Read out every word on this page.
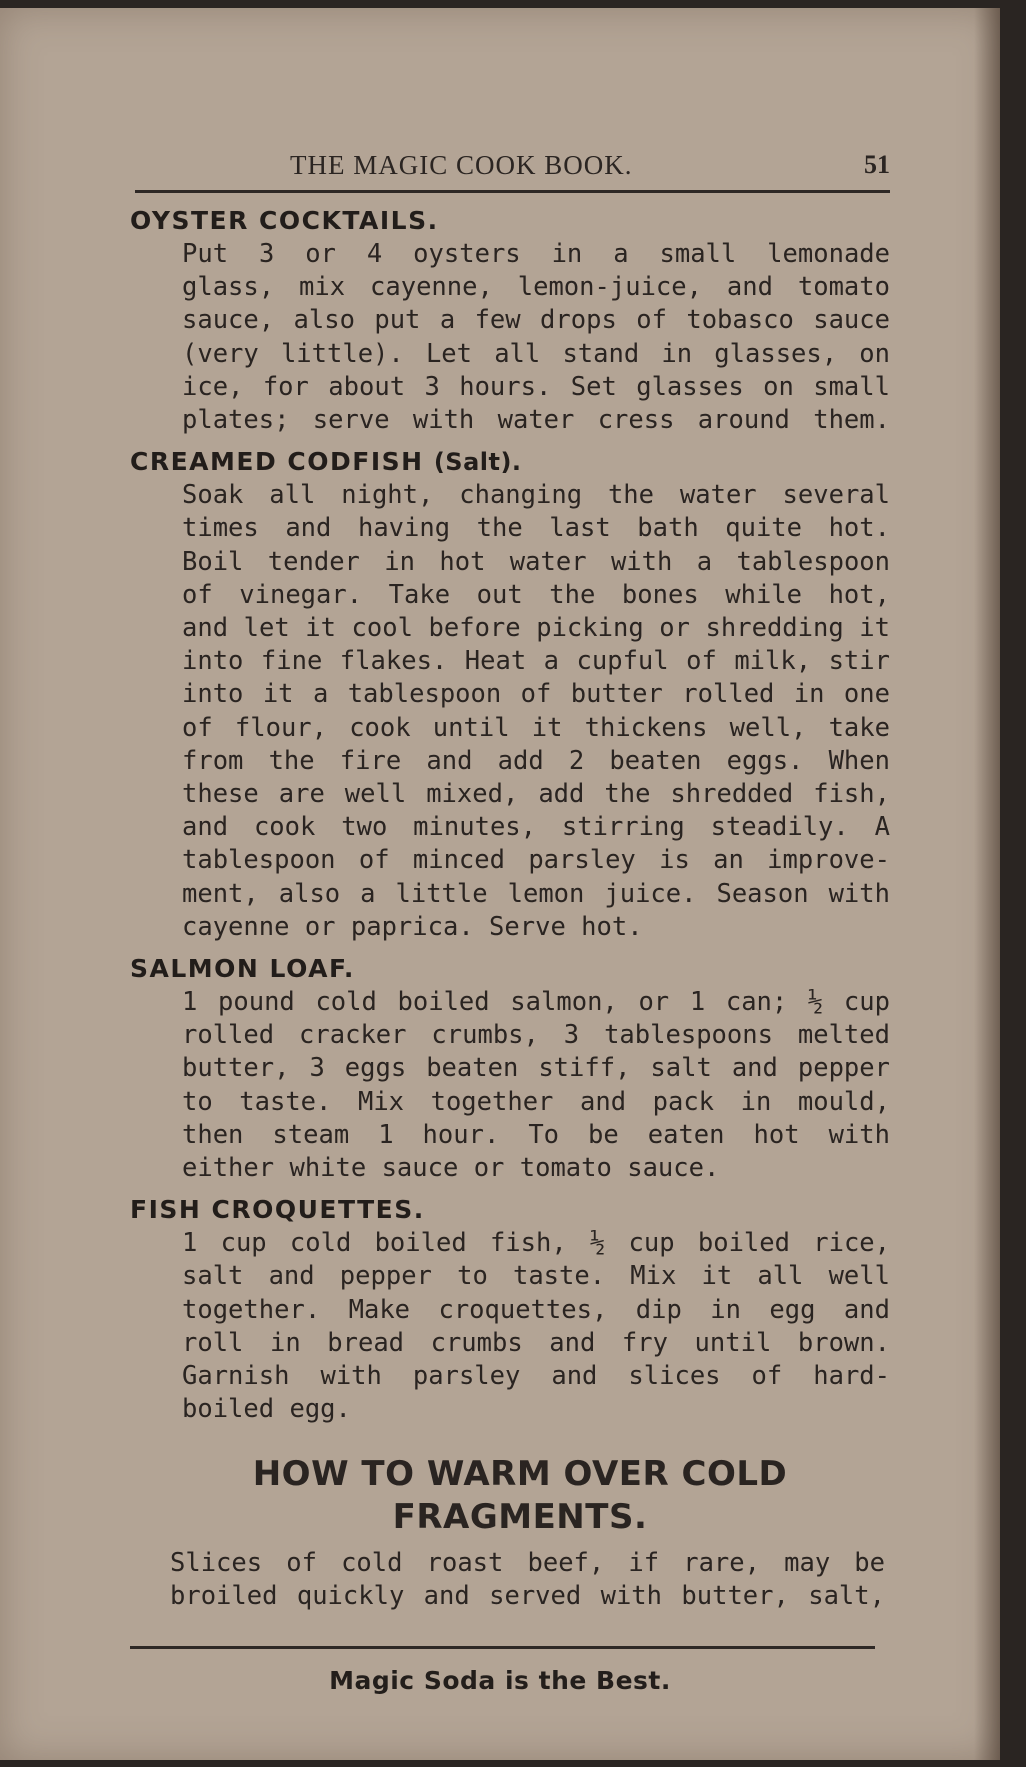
THE MAGIC COOK BOOK.	51
OYSTER COCKTAILS.
Put 3 or 4 oysters in a small lemonade
glass, mix cayenne, lemon-juice, and tomato
sauce, also put a few drops of tobasco sauce
(very little). Let all stand in glasses, on
ice, for about 3 hours. Set glasses on small
plates; serve with water cress around them.
CREAMED CODFISH (Salt).
Soak all night, changing the water several
times and having the last bath quite hot.
Boil tender in hot water with a tablespoon
of vinegar. Take out the bones while hot,
and let it cool before picking or shredding it
into fine flakes. Heat a cupful of milk, stir
into it a tablespoon of butter rolled in one
of flour, cook until it thickens well, take
from the fire and add 2 beaten eggs. When
these are well mixed, add the shredded fish,
and cook two minutes, stirring steadily. A
tablespoon of minced parsley is an improve-
ment, also a little lemon juice. Season with
cayenne or paprica. Serve hot.
SALMON LOAF.
1 pound cold boiled salmon, or 1 can; ½ cup
rolled cracker crumbs, 3 tablespoons melted
butter, 3 eggs beaten stiff, salt and pepper
to taste. Mix together and pack in mould,
then steam 1 hour. To be eaten hot with
either white sauce or tomato sauce.
FISH CROQUETTES.
1 cup cold boiled fish, ½ cup boiled rice,
salt and pepper to taste. Mix it all well
together. Make croquettes, dip in egg and
roll in bread crumbs and fry until brown.
Garnish with parsley and slices of hard-
boiled egg.
HOW TO WARM OVER COLD
FRAGMENTS.
Slices of cold roast beef, if rare, may be
broiled quickly and served with butter, salt,
Magic Soda is the Best.
